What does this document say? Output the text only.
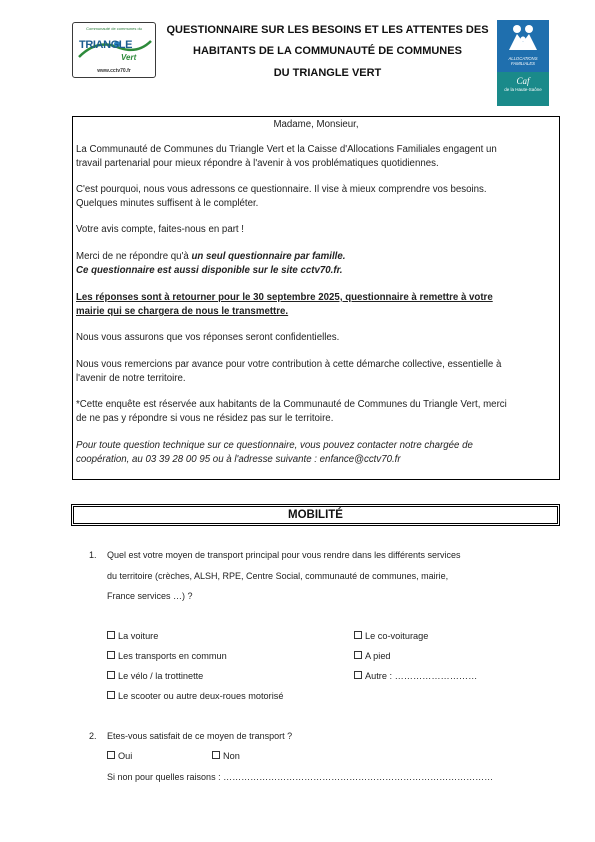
Communauté de communes du
TRIANGLE
Vert
www.cctv70.fr
ALLOCATIONS FAMILIALES
Caf
de la Haute-Saône
QUESTIONNAIRE SUR LES BESOINS ET LES ATTENTES DES
HABITANTS DE LA COMMUNAUTÉ DE COMMUNES
DU TRIANGLE VERT
Madame, Monsieur,
La Communauté de Communes du Triangle Vert et la Caisse d'Allocations Familiales engagent un
travail partenarial pour mieux répondre à l'avenir à vos problématiques quotidiennes.
C'est pourquoi, nous vous adressons ce questionnaire. Il vise à mieux comprendre vos besoins.
Quelques minutes suffisent à le compléter.
Votre avis compte, faites-nous en part !
Merci de ne répondre qu'à un seul questionnaire par famille.
Ce questionnaire est aussi disponible sur le site cctv70.fr.
Les réponses sont à retourner pour le 30 septembre 2025, questionnaire à remettre à votre
mairie qui se chargera de nous le transmettre.
Nous vous assurons que vos réponses seront confidentielles.
Nous vous remercions par avance pour votre contribution à cette démarche collective, essentielle à
l'avenir de notre territoire.
*Cette enquête est réservée aux habitants de la Communauté de Communes du Triangle Vert, merci
de ne pas y répondre si vous ne résidez pas sur le territoire.
Pour toute question technique sur ce questionnaire, vous pouvez contacter notre chargée de
coopération, au 03 39 28 00 95 ou à l'adresse suivante : enfance@cctv70.fr
MOBILITÉ
1. Quel est votre moyen de transport principal pour vous rendre dans les différents services
du territoire (crèches, ALSH, RPE, Centre Social, communauté de communes, mairie,
France services …) ?
La voiture
Les transports en commun
Le vélo / la trottinette
Le scooter ou autre deux-roues motorisé
Le co-voiturage
A pied
Autre : ………………………
2. Etes-vous satisfait de ce moyen de transport ?
Oui	Non
Si non pour quelles raisons : ………………………………………………………………………………
